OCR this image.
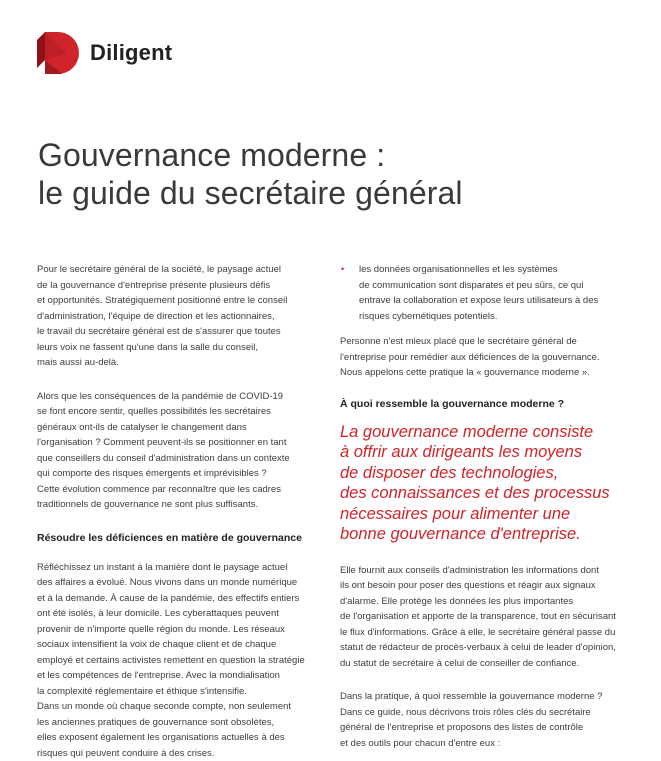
Diligent
Gouvernance moderne :
le guide du secrétaire général

Pour le secrétaire général de la société, le paysage actuel
de la gouvernance d'entreprise présente plusieurs défis
et opportunités. Stratégiquement positionné entre le conseil
d'administration, l'équipe de direction et les actionnaires,
le travail du secrétaire général est de s'assurer que toutes
leurs voix ne fassent qu'une dans la salle du conseil,
mais aussi au-delà.

Alors que les conséquences de la pandémie de COVID-19
se font encore sentir, quelles possibilités les secrétaires
généraux ont-ils de catalyser le changement dans
l'organisation ? Comment peuvent-ils se positionner en tant
que conseillers du conseil d'administration dans un contexte
qui comporte des risques émergents et imprévisibles ?
Cette évolution commence par reconnaître que les cadres
traditionnels de gouvernance ne sont plus suffisants.

Résoudre les déficiences en matière de gouvernance

Réfléchissez un instant à la manière dont le paysage actuel
des affaires a évolué. Nous vivons dans un monde numérique
et à la demande. À cause de la pandémie, des effectifs entiers
ont été isolés, à leur domicile. Les cyberattaques peuvent
provenir de n'importe quelle région du monde. Les réseaux
sociaux intensifient la voix de chaque client et de chaque
employé et certains activistes remettent en question la stratégie
et les compétences de l'entreprise. Avec la mondialisation
la complexité réglementaire et éthique s'intensifie.
Dans un monde où chaque seconde compte, non seulement
les anciennes pratiques de gouvernance sont obsolètes,
elles exposent également les organisations actuelles à des
risques qui peuvent conduire à des crises.

• les données organisationnelles et les systèmes
de communication sont disparates et peu sûrs, ce qui
entrave la collaboration et expose leurs utilisateurs à des
risques cybernétiques potentiels.

Personne n'est mieux placé que le secrétaire général de
l'entreprise pour remédier aux déficiences de la gouvernance.
Nous appelons cette pratique la « gouvernance moderne ».

À quoi ressemble la gouvernance moderne ?

La gouvernance moderne consiste
à offrir aux dirigeants les moyens
de disposer des technologies,
des connaissances et des processus
nécessaires pour alimenter une
bonne gouvernance d'entreprise.

Elle fournit aux conseils d'administration les informations dont
ils ont besoin pour poser des questions et réagir aux signaux
d'alarme. Elle protège les données les plus importantes
de l'organisation et apporte de la transparence, tout en sécurisant
le flux d'informations. Grâce à elle, le secrétaire général passe du
statut de rédacteur de procès-verbaux à celui de leader d'opinion,
du statut de secrétaire à celui de conseiller de confiance.

Dans la pratique, à quoi ressemble la gouvernance moderne ?
Dans ce guide, nous décrivons trois rôles clés du secrétaire
général de l'entreprise et proposons des listes de contrôle
et des outils pour chacun d'entre eux :
